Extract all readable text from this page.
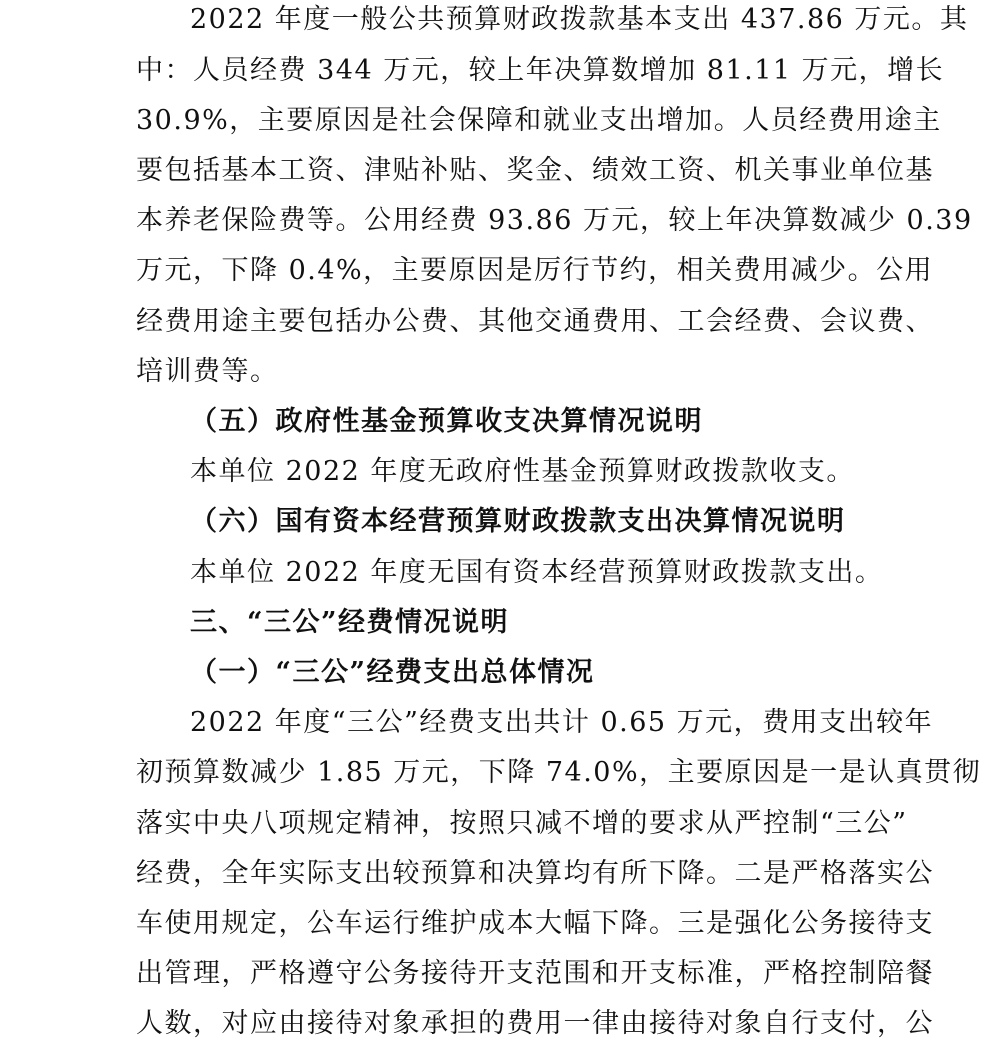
2022 年度一般公共预算财政拨款基本支出 437.86 万元。其
中：人员经费 344 万元，较上年决算数增加 81.11 万元，增长
30.9%，主要原因是社会保障和就业支出增加。人员经费用途主
要包括基本工资、津贴补贴、奖金、绩效工资、机关事业单位基
本养老保险费等。公用经费 93.86 万元，较上年决算数减少 0.39
万元，下降 0.4%，主要原因是厉行节约，相关费用减少。公用
经费用途主要包括办公费、其他交通费用、工会经费、会议费、
培训费等。
（五）政府性基金预算收支决算情况说明
本单位 2022 年度无政府性基金预算财政拨款收支。
（六）国有资本经营预算财政拨款支出决算情况说明
本单位 2022 年度无国有资本经营预算财政拨款支出。
三、“三公”经费情况说明
（一）“三公”经费支出总体情况
2022 年度“三公”经费支出共计 0.65 万元，费用支出较年
初预算数减少 1.85 万元，下降 74.0%，主要原因是一是认真贯彻
落实中央八项规定精神，按照只减不增的要求从严控制“三公”
经费，全年实际支出较预算和决算均有所下降。二是严格落实公
车使用规定，公车运行维护成本大幅下降。三是强化公务接待支
出管理，严格遵守公务接待开支范围和开支标准，严格控制陪餐
人数，对应由接待对象承担的费用一律由接待对象自行支付，公
